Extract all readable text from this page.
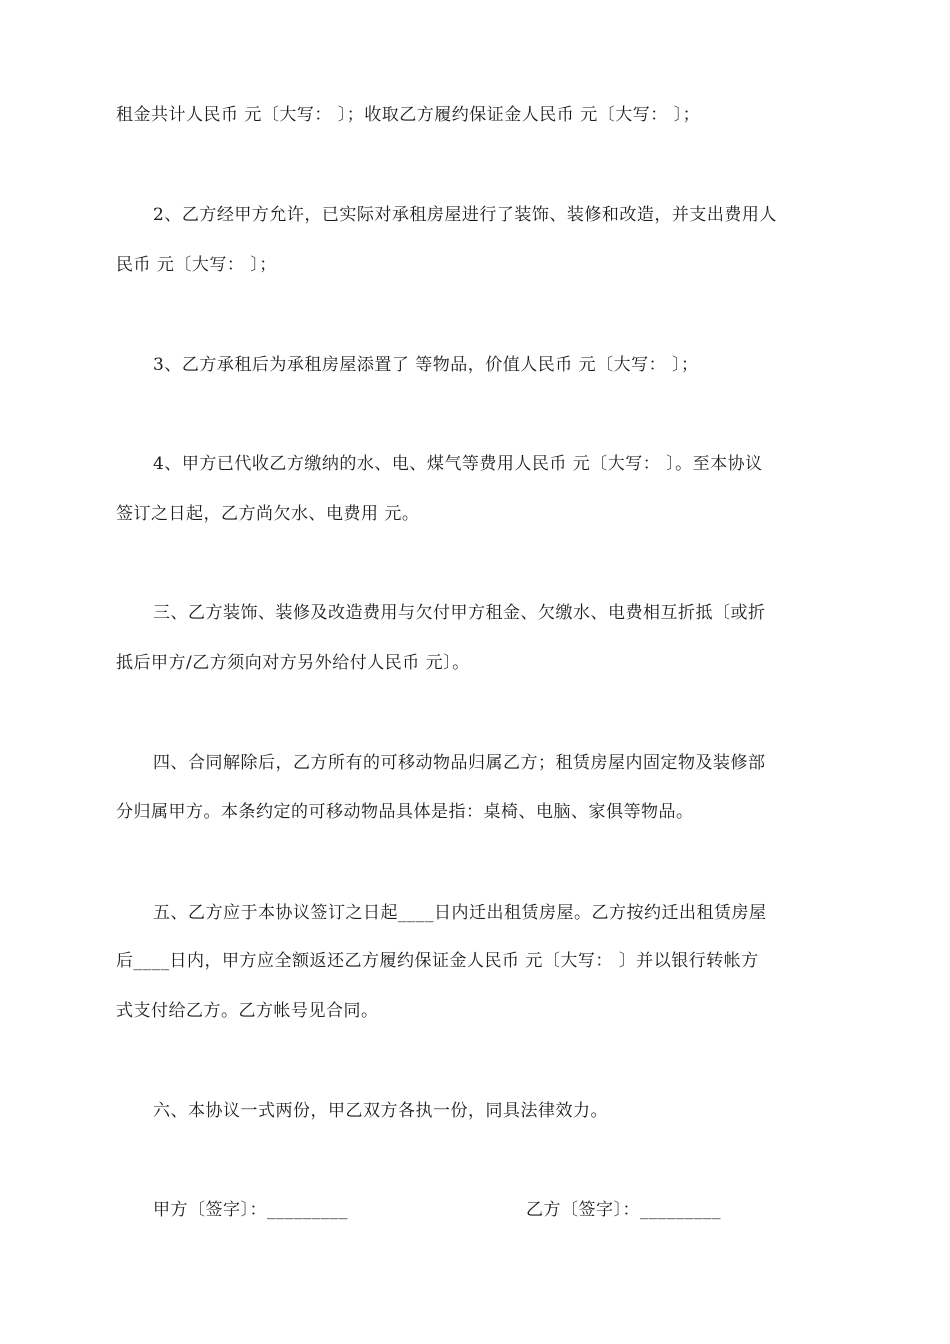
租金共计人民币 元〔大写： 〕；收取乙方履约保证金人民币 元〔大写： 〕；
2、乙方经甲方允许，已实际对承租房屋进行了装饰、装修和改造，并支出费用人
民币 元〔大写： 〕；
3、乙方承租后为承租房屋添置了 等物品，价值人民币 元〔大写： 〕；
4、甲方已代收乙方缴纳的水、电、煤气等费用人民币 元〔大写： 〕。至本协议
签订之日起，乙方尚欠水、电费用 元。
三、乙方装饰、装修及改造费用与欠付甲方租金、欠缴水、电费相互折抵〔或折
抵后甲方/乙方须向对方另外给付人民币 元〕。
四、合同解除后，乙方所有的可移动物品归属乙方；租赁房屋内固定物及装修部
分归属甲方。本条约定的可移动物品具体是指：桌椅、电脑、家俱等物品。
五、乙方应于本协议签订之日起____日内迁出租赁房屋。乙方按约迁出租赁房屋
后____日内，甲方应全额返还乙方履约保证金人民币 元〔大写： 〕并以银行转帐方
式支付给乙方。乙方帐号见合同。
六、本协议一式两份，甲乙双方各执一份，同具法律效力。
甲方〔签字〕：_________	乙方〔签字〕：_________
